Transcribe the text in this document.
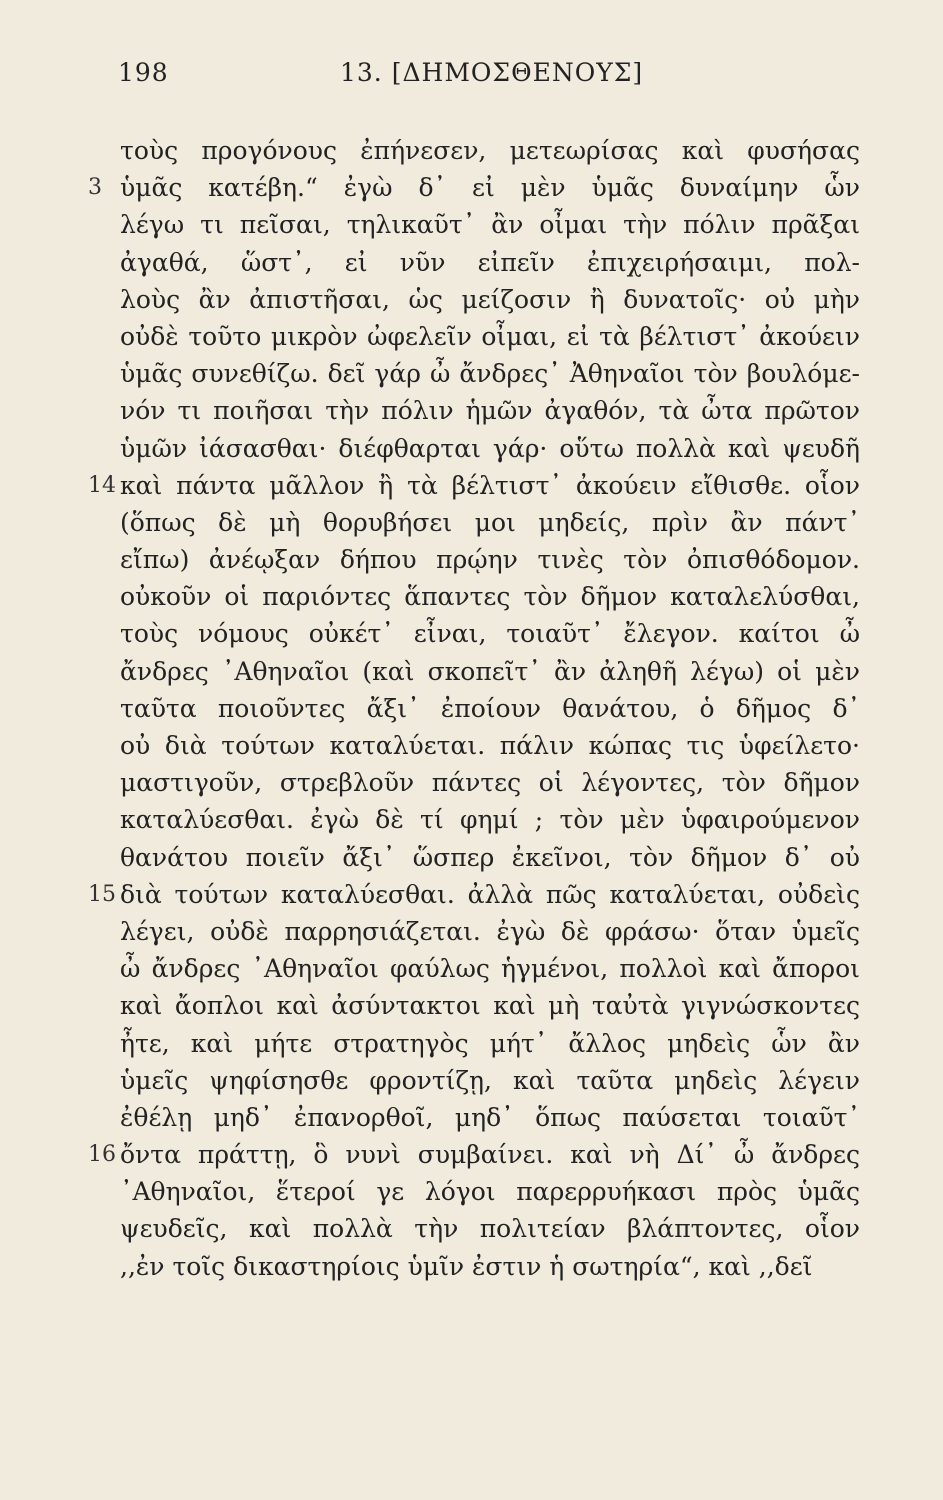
198	13. [ΔΗΜΟΣΘΕΝΟΥΣ]
τοὺς προγόνους ἐπήνεσεν, μετεωρίσας καὶ φυσήσας
3 ὑμᾶς κατέβη.“ ἐγὼ δ᾽ εἰ μὲν ὑμᾶς δυναίμην ὧν
λέγω τι πεῖσαι, τηλικαῦτ᾽ ἂν οἶμαι τὴν πόλιν πρᾶξαι
ἀγαθά, ὥστ᾽, εἰ νῦν εἰπεῖν ἐπιχειρήσαιμι, πολ-
λοὺς ἂν ἀπιστῆσαι, ὡς μείζοσιν ἢ δυνατοῖς· οὐ μὴν
οὐδὲ τοῦτο μικρὸν ὠφελεῖν οἶμαι, εἰ τὰ βέλτιστ᾽ ἀκούειν
ὑμᾶς συνεθίζω. δεῖ γάρ ὦ ἄνδρες᾽ Ἀθηναῖοι τὸν βουλόμε-
νόν τι ποιῆσαι τὴν πόλιν ἡμῶν ἀγαθόν, τὰ ὦτα πρῶτον
ὑμῶν ἰάσασθαι· διέφθαρται γάρ· οὕτω πολλὰ καὶ ψευδῆ
14 καὶ πάντα μᾶλλον ἢ τὰ βέλτιστ᾽ ἀκούειν εἴθισθε. οἷον
(ὅπως δὲ μὴ θορυβήσει μοι μηδείς, πρὶν ἂν πάντ᾽
εἴπω) ἀνέῳξαν δήπου πρῴην τινὲς τὸν ὀπισθόδομον.
οὐκοῦν οἱ παριόντες ἅπαντες τὸν δῆμον καταλελύσθαι,
τοὺς νόμους οὐκέτ᾽ εἶναι, τοιαῦτ᾽ ἔλεγον. καίτοι ὦ
ἄνδρες ᾽Αθηναῖοι (καὶ σκοπεῖτ᾽ ἂν ἀληθῆ λέγω) οἱ μὲν
ταῦτα ποιοῦντες ἄξι᾽ ἐποίουν θανάτου, ὁ δῆμος δ᾽
οὐ διὰ τούτων καταλύεται. πάλιν κώπας τις ὑφείλετο·
μαστιγοῦν, στρεβλοῦν πάντες οἱ λέγοντες, τὸν δῆμον
καταλύεσθαι. ἐγὼ δὲ τί φημί ; τὸν μὲν ὑφαιρούμενον
θανάτου ποιεῖν ἄξι᾽ ὥσπερ ἐκεῖνοι, τὸν δῆμον δ᾽ οὐ
15 διὰ τούτων καταλύεσθαι. ἀλλὰ πῶς καταλύεται, οὐδεὶς
λέγει, οὐδὲ παρρησιάζεται. ἐγὼ δὲ φράσω· ὅταν ὑμεῖς
ὦ ἄνδρες ᾽Αθηναῖοι φαύλως ἡγμένοι, πολλοὶ καὶ ἄποροι
καὶ ἄοπλοι καὶ ἀσύντακτοι καὶ μὴ ταὐτὰ γιγνώσκοντες
ἦτε, καὶ μήτε στρατηγὸς μήτ᾽ ἄλλος μηδεὶς ὧν ἂν
ὑμεῖς ψηφίσησθε φροντίζῃ, καὶ ταῦτα μηδεὶς λέγειν
ἐθέλῃ μηδ᾽ ἐπανορθοῖ, μηδ᾽ ὅπως παύσεται τοιαῦτ᾽
16 ὄντα πράττῃ, ὃ νυνὶ συμβαίνει. καὶ νὴ Δί᾽ ὦ ἄνδρες
᾽Αθηναῖοι, ἕτεροί γε λόγοι παρερρυήκασι πρὸς ὑμᾶς
ψευδεῖς, καὶ πολλὰ τὴν πολιτείαν βλάπτοντες, οἷον
,,ἐν τοῖς δικαστηρίοις ὑμῖν ἐστιν ἡ σωτηρία“, καὶ ,,δεῖ
